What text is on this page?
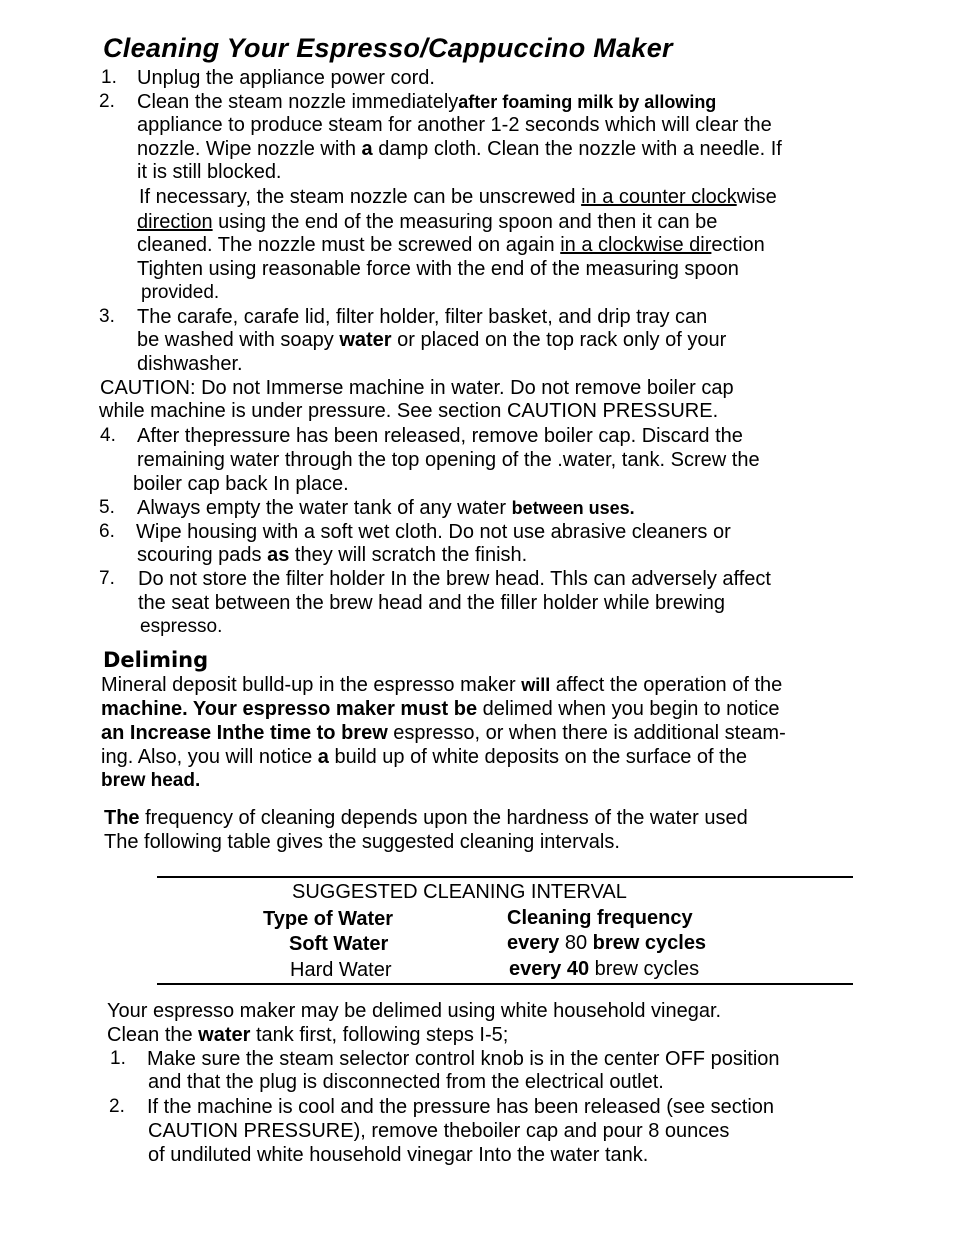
Cleaning Your Espresso/Cappuccino Maker
1. Unplug the appliance power cord.
2. Clean the steam nozzle immediatelyafter foaming milk by allowing
appliance to produce steam for another 1-2 seconds which will clear the
nozzle. Wipe nozzle with a damp cloth. Clean the nozzle with a needle. If
it is still blocked.
If necessary, the steam nozzle can be unscrewed in a counter clockwise
direction using the end of the measuring spoon and then it can be
cleaned. The nozzle must be screwed on again in a clockwise direction
Tighten using reasonable force with the end of the measuring spoon
provided.
3. The carafe, carafe lid, filter holder, filter basket, and drip tray can
be washed with soapy water or placed on the top rack only of your
dishwasher.
CAUTION: Do not Immerse machine in water. Do not remove boiler cap
while machine is under pressure. See section CAUTION PRESSURE.
4. After thepressure has been released, remove boiler cap. Discard the
remaining water through the top opening of the .water, tank. Screw the
boiler cap back In place.
5. Always empty the water tank of any water between uses.
6. Wipe housing with a soft wet cloth. Do not use abrasive cleaners or
scouring pads as they will scratch the finish.
7. Do not store the filter holder In the brew head. Thls can adversely affect
the seat between the brew head and the filler holder while brewing
espresso.
Deliming
Mineral deposit bulld-up in the espresso maker will affect the operation of the
machine. Your espresso maker must be delimed when you begin to notice
an Increase Inthe time to brew espresso, or when there is additional steam-
ing. Also, you will notice a build up of white deposits on the surface of the
brew head.
The frequency of cleaning depends upon the hardness of the water used
The following table gives the suggested cleaning intervals.
SUGGESTED CLEANING INTERVAL
Type of Water	Cleaning frequency
Soft Water	every 80 brew cycles
Hard Water	every 40 brew cycles
Your espresso maker may be delimed using white household vinegar.
Clean the water tank first, following steps I-5;
1. Make sure the steam selector control knob is in the center OFF position
and that the plug is disconnected from the electrical outlet.
2. If the machine is cool and the pressure has been released (see section
CAUTION PRESSURE), remove theboiler cap and pour 8 ounces
of undiluted white household vinegar Into the water tank.
